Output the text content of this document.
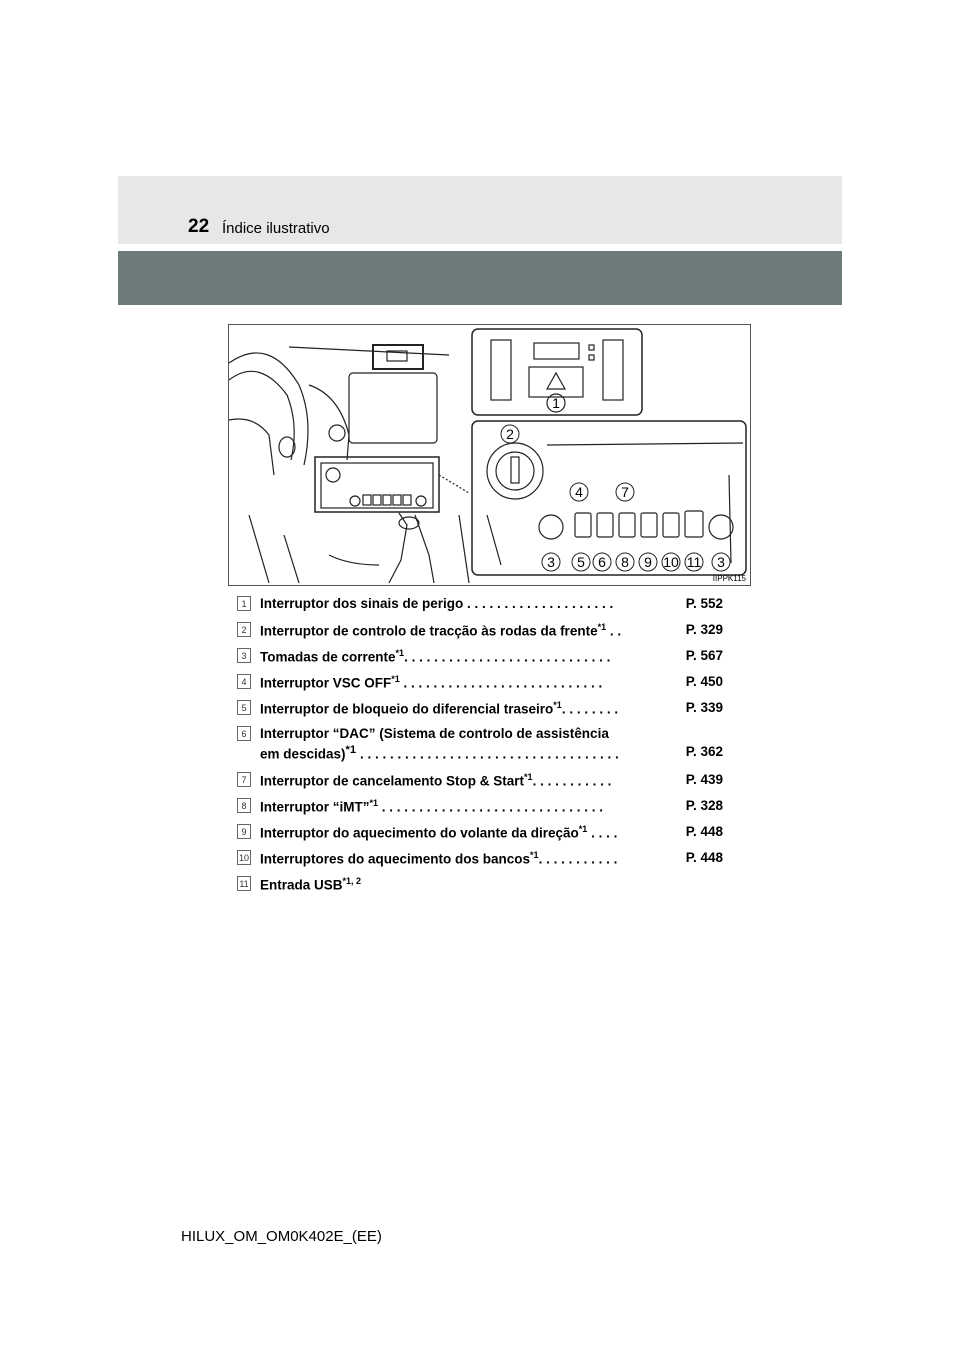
22 Índice ilustrativo
1
2
4	7
3 5 6 8 9 10 11 3
IIPPK115
1	Interruptor dos sinais de perigo . . . . . . . . . . . . . . . . . . . .	P. 552
2	Interruptor de controlo de tracção às rodas da frente$^{*1}$ . .	P. 329
3	Tomadas de corrente$^{*1}$. . . . . . . . . . . . . . . . . . . . . . . . . . . .	P. 567
4	Interruptor VSC OFF$^{*1}$ . . . . . . . . . . . . . . . . . . . . . . . . . . .	P. 450
5	Interruptor de bloqueio do diferencial traseiro$^{*1}$. . . . . . . .	P. 339
6	Interruptor “DAC” (Sistema de controlo de assistência
em descidas)$^{*1}$ . . . . . . . . . . . . . . . . . . . . . . . . . . . . . . . . . . .	P. 362
7	Interruptor de cancelamento Stop & Start$^{*1}$. . . . . . . . . . .	P. 439
8	Interruptor “iMT”$^{*1}$ . . . . . . . . . . . . . . . . . . . . . . . . . . . . . .	P. 328
9	Interruptor do aquecimento do volante da direção$^{*1}$ . . . .	P. 448
10 Interruptores do aquecimento dos bancos$^{*1}$. . . . . . . . . . .	P. 448
11 Entrada USB$^{*1, 2}$
HILUX_OM_OM0K402E_(EE)
